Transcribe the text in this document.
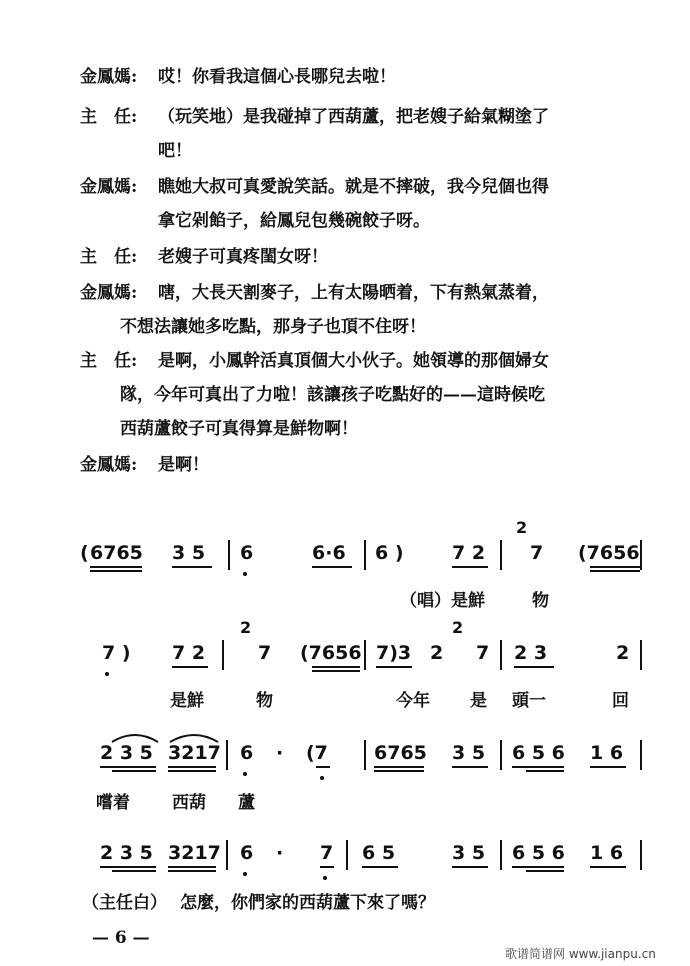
金鳳媽: 哎！你看我這個心長哪兒去啦！
主　任: （玩笑地）是我碰掉了西葫蘆，把老嫂子給氣糊塗了
吧！
金鳳媽: 瞧她大叔可真愛說笑話。就是不摔破，我今兒個也得
拿它剁餡子，給鳳兒包幾碗餃子呀。
主　任: 老嫂子可真疼閨女呀！
金鳳媽: 嗐，大長天割麥子，上有太陽晒着，下有熱氣蒸着，
不想法讓她多吃點，那身子也頂不住呀！
主　任: 是啊，小鳳幹活真頂個大小伙子。她領導的那個婦女
隊，今年可真出了力啦！該讓孩子吃點好的——這時候吃
西葫蘆餃子可真得算是鮮物啊！
金鳳媽: 是啊！
( 6765 3 5 6	6·6 6 )	7 2
2
7 (7656
（唱）是鮮	物
7 ) 7 2
2
7 (7656 7)3 2
2
7 2 3	2
是鮮	物	今年 是 頭一	回
2 3 5 3217 6 · (7 6765 3 5 6 5 6 1 6
嚐着 西葫 蘆
2 3 5 3217 6 · 7 6 5	3 5 6 5 6 1 6
（主任白） 怎麼，你們家的西葫蘆下來了嗎？
— 6 —
歌谱简谱网 www.jianpu.cn
